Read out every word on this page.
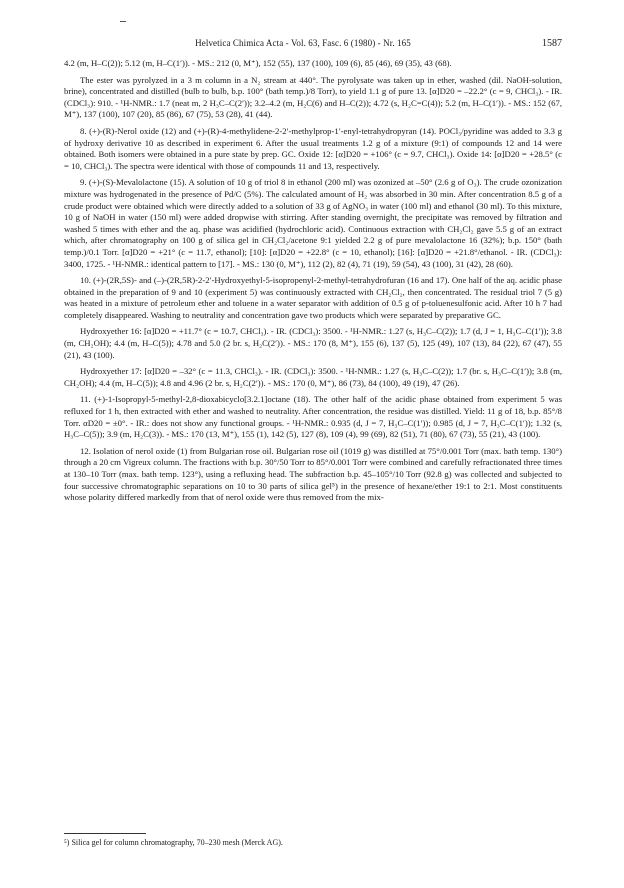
Helvetica Chimica Acta - Vol. 63, Fasc. 6 (1980) - Nr. 165	1587

4.2 (m, H–C(2)); 5.12 (m, H–C(1′)). - MS.: 212 (0, M⁺), 152 (55), 137 (100), 109 (6), 85 (46), 69 (35), 43 (68).

The ester was pyrolyzed in a 3 m column in a N₂ stream at 440°. The pyrolysate was taken up in ether, washed (dil. NaOH-solution, brine), concentrated and distilled (bulb to bulb, b.p. 100° (bath temp.)/8 Torr), to yield 1.1 g of pure 13. [α]D20 = –22.2° (c = 9, CHCl₃). - IR. (CDCl₃): 910. - ¹H-NMR.: 1.7 (neat m, 2 H₃C–C(2′)); 3.2–4.2 (m, H₂C(6) and H–C(2)); 4.72 (s, H₂C=C(4)); 5.2 (m, H–C(1′)). - MS.: 152 (67, M⁺), 137 (100), 107 (20), 85 (86), 67 (75), 53 (28), 41 (44).

8. (+)-(R)-Nerol oxide (12) and (+)-(R)-4-methylidene-2-2′-methylprop-1′-enyl-tetrahydropyran (14). POCl₃/pyridine was added to 3.3 g of hydroxy derivative 10 as described in experiment 6. After the usual treatments 1.2 g of a mixture (9:1) of compounds 12 and 14 were obtained. Both isomers were obtained in a pure state by prep. GC. Oxide 12: [α]D20 = +106° (c = 9.7, CHCl₃). Oxide 14: [α]D20 = +28.5° (c = 10, CHCl₃). The spectra were identical with those of compounds 11 and 13, respectively.

9. (+)-(S)-Mevalolactone (15). A solution of 10 g of triol 8 in ethanol (200 ml) was ozonized at –50° (2.6 g of O₃). The crude ozonization mixture was hydrogenated in the presence of Pd/C (5%). The calculated amount of H₂ was absorbed in 30 min. After concentration 8.5 g of a crude product were obtained which were directly added to a solution of 33 g of AgNO₃ in water (100 ml) and ethanol (30 ml). To this mixture, 10 g of NaOH in water (150 ml) were added dropwise with stirring. After standing overnight, the precipitate was removed by filtration and washed 5 times with ether and the aq. phase was acidified (hydrochloric acid). Continuous extraction with CH₂Cl₂ gave 5.5 g of an extract which, after chromatography on 100 g of silica gel in CH₂Cl₂/acetone 9:1 yielded 2.2 g of pure mevalolactone 16 (32%); b.p. 150° (bath temp.)/0.1 Torr. [α]D20 = +21° (c = 11.7, ethanol); [10]: [α]D20 = +22.8° (c = 10, ethanol); [16]: [α]D20 = +21.8°/ethanol. - IR. (CDCl₃): 3400, 1725. - ¹H-NMR.: identical pattern to [17]. - MS.: 130 (0, M⁺), 112 (2), 82 (4), 71 (19), 59 (54), 43 (100), 31 (42), 28 (60).

10. (+)-(2R,5S)- and (–)-(2R,5R)-2-2′-Hydroxyethyl-5-isopropenyl-2-methyl-tetrahydrofuran (16 and 17). One half of the aq. acidic phase obtained in the preparation of 9 and 10 (experiment 5) was continuously extracted with CH₂Cl₂, then concentrated. The residual triol 7 (5 g) was heated in a mixture of petroleum ether and toluene in a water separator with addition of 0.5 g of p-toluenesulfonic acid. After 10 h 7 had completely disappeared. Washing to neutrality and concentration gave two products which were separated by preparative GC.

Hydroxyether 16: [α]D20 = +11.7° (c = 10.7, CHCl₃). - IR. (CDCl₃): 3500. - ¹H-NMR.: 1.27 (s, H₃C–C(2)); 1.7 (d, J = 1, H₃C–C(1′)); 3.8 (m, CH₂OH); 4.4 (m, H–C(5)); 4.78 and 5.0 (2 br. s, H₂C(2′)). - MS.: 170 (8, M⁺), 155 (6), 137 (5), 125 (49), 107 (13), 84 (22), 67 (47), 55 (21), 43 (100).

Hydroxyether 17: [α]D20 = –32° (c = 11.3, CHCl₃). - IR. (CDCl₃): 3500. - ¹H-NMR.: 1.27 (s, H₃C–C(2)); 1.7 (br. s, H₃C–C(1′)); 3.8 (m, CH₂OH); 4.4 (m, H–C(5)); 4.8 and 4.96 (2 br. s, H₂C(2′)). - MS.: 170 (0, M⁺), 86 (73), 84 (100), 49 (19), 47 (26).

11. (+)-1-Isopropyl-5-methyl-2,8-dioxabicyclo[3.2.1]octane (18). The other half of the acidic phase obtained from experiment 5 was refluxed for 1 h, then extracted with ether and washed to neutrality. After concentration, the residue was distilled. Yield: 11 g of 18, b.p. 85°/8 Torr. αD20 = ±0°. - IR.: does not show any functional groups. - ¹H-NMR.: 0.935 (d, J = 7, H₃C–C(1′)); 0.985 (d, J = 7, H₃C–C(1′)); 1.32 (s, H₃C–C(5)); 3.9 (m, H₂C(3)). - MS.: 170 (13, M⁺), 155 (1), 142 (5), 127 (8), 109 (4), 99 (69), 82 (51), 71 (80), 67 (73), 55 (21), 43 (100).

12. Isolation of nerol oxide (1) from Bulgarian rose oil. Bulgarian rose oil (1019 g) was distilled at 75°/0.001 Torr (max. bath temp. 130°) through a 20 cm Vigreux column. The fractions with b.p. 30°/50 Torr to 85°/0.001 Torr were combined and carefully refractionated three times at 130–10 Torr (max. bath temp. 123°), using a refluxing head. The subfraction b.p. 45–105°/10 Torr (92.8 g) was collected and subjected to four successive chromatographic separations on 10 to 30 parts of silica gel⁵) in the presence of hexane/ether 19:1 to 2:1. Most constituents whose polarity differed markedly from that of nerol oxide were thus removed from the mix-

⁵) Silica gel for column chromatography, 70–230 mesh (Merck AG).
